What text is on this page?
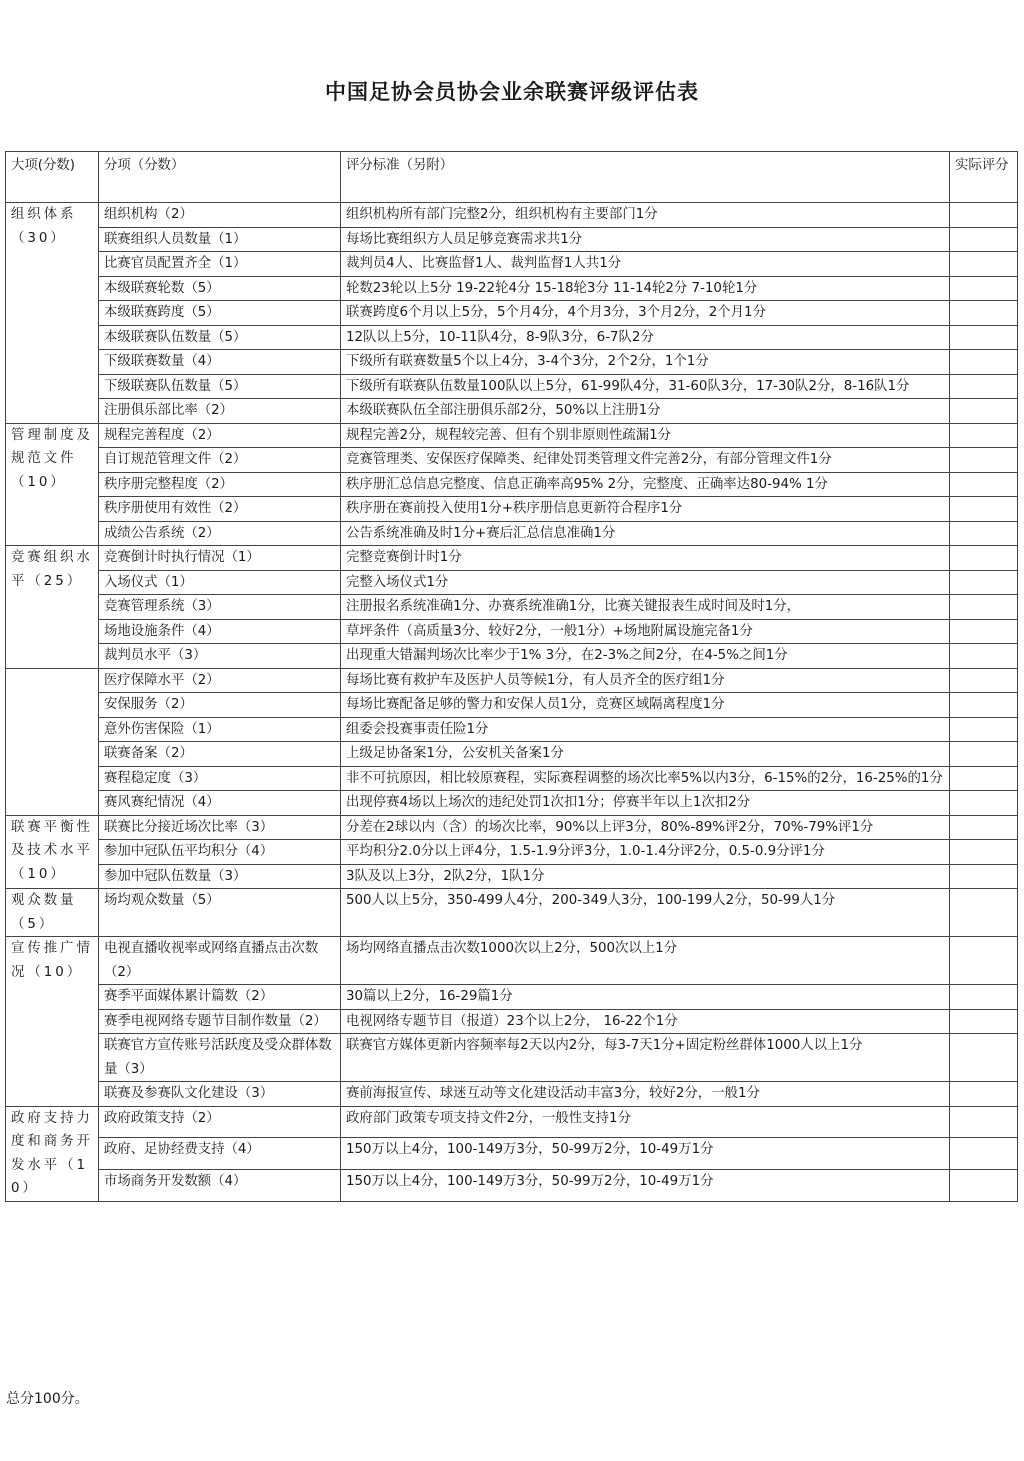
中国足协会员协会业余联赛评级评估表
大项(分数)	分项（分数）	评分标准（另附）	实际评分
组织体系（30）	组织机构（2）	组织机构所有部门完整2分，组织机构有主要部门1分	
	联赛组织人员数量（1）	每场比赛组织方人员足够竞赛需求共1分	
	比赛官员配置齐全（1）	裁判员4人、比赛监督1人、裁判监督1人共1分	
	本级联赛轮数（5）	轮数23轮以上5分 19-22轮4分 15-18轮3分 11-14轮2分 7-10轮1分	
	本级联赛跨度（5）	联赛跨度6个月以上5分，5个月4分，4个月3分，3个月2分，2个月1分	
	本级联赛队伍数量（5）	12队以上5分，10-11队4分，8-9队3分，6-7队2分	
	下级联赛数量（4）	下级所有联赛数量5个以上4分，3-4个3分，2个2分，1个1分	
	下级联赛队伍数量（5）	下级所有联赛队伍数量100队以上5分，61-99队4分，31-60队3分，17-30队2分，8-16队1分	
	注册俱乐部比率（2）	本级联赛队伍全部注册俱乐部2分，50%以上注册1分	
管理制度及规范文件（10）	规程完善程度（2）	规程完善2分，规程较完善、但有个别非原则性疏漏1分	
	自订规范管理文件（2）	竞赛管理类、安保医疗保障类、纪律处罚类管理文件完善2分，有部分管理文件1分	
	秩序册完整程度（2）	秩序册汇总信息完整度、信息正确率高95% 2分，完整度、正确率达80-94% 1分	
	秩序册使用有效性（2）	秩序册在赛前投入使用1分+秩序册信息更新符合程序1分	
	成绩公告系统（2）	公告系统准确及时1分+赛后汇总信息准确1分	
竞赛组织水平（25）	竞赛倒计时执行情况（1）	完整竞赛倒计时1分	
	入场仪式（1）	完整入场仪式1分	
	竞赛管理系统（3）	注册报名系统准确1分、办赛系统准确1分，比赛关键报表生成时间及时1分，	
	场地设施条件（4）	草坪条件（高质量3分、较好2分，一般1分）+场地附属设施完备1分	
	裁判员水平（3）	出现重大错漏判场次比率少于1% 3分，在2-3%之间2分，在4-5%之间1分	
	医疗保障水平（2）	每场比赛有救护车及医护人员等候1分，有人员齐全的医疗组1分	
	安保服务（2）	每场比赛配备足够的警力和安保人员1分，竞赛区域隔离程度1分	
	意外伤害保险（1）	组委会投赛事责任险1分	
	联赛备案（2）	上级足协备案1分，公安机关备案1分	
	赛程稳定度（3）	非不可抗原因，相比较原赛程，实际赛程调整的场次比率5%以内3分，6-15%的2分，16-25%的1分	
	赛风赛纪情况（4）	出现停赛4场以上场次的违纪处罚1次扣1分；停赛半年以上1次扣2分	
联赛平衡性及技术水平（10）	联赛比分接近场次比率（3）	分差在2球以内（含）的场次比率，90%以上评3分，80%-89%评2分，70%-79%评1分	
	参加中冠队伍平均积分（4）	平均积分2.0分以上评4分，1.5-1.9分评3分，1.0-1.4分评2分，0.5-0.9分评1分	
	参加中冠队伍数量（3）	3队及以上3分，2队2分，1队1分	
观众数量（5）	场均观众数量（5）	500人以上5分，350-499人4分，200-349人3分，100-199人2分，50-99人1分	
宣传推广情况（10）	电视直播收视率或网络直播点击次数（2）	场均网络直播点击次数1000次以上2分，500次以上1分	
	赛季平面媒体累计篇数（2）	30篇以上2分，16-29篇1分	
	赛季电视网络专题节目制作数量（2）	电视网络专题节目（报道）23个以上2分， 16-22个1分	
	联赛官方宣传账号活跃度及受众群体数量（3）	联赛官方媒体更新内容频率每2天以内2分，每3-7天1分+固定粉丝群体1000人以上1分	
	联赛及参赛队文化建设（3）	赛前海报宣传、球迷互动等文化建设活动丰富3分，较好2分，一般1分	
政府支持力度和商务开发水平（10）	政府政策支持（2）	政府部门政策专项支持文件2分，一般性支持1分	
	政府、足协经费支持（4）	150万以上4分，100-149万3分，50-99万2分，10-49万1分	
	市场商务开发数额（4）	150万以上4分，100-149万3分，50-99万2分，10-49万1分	
总分100分。
